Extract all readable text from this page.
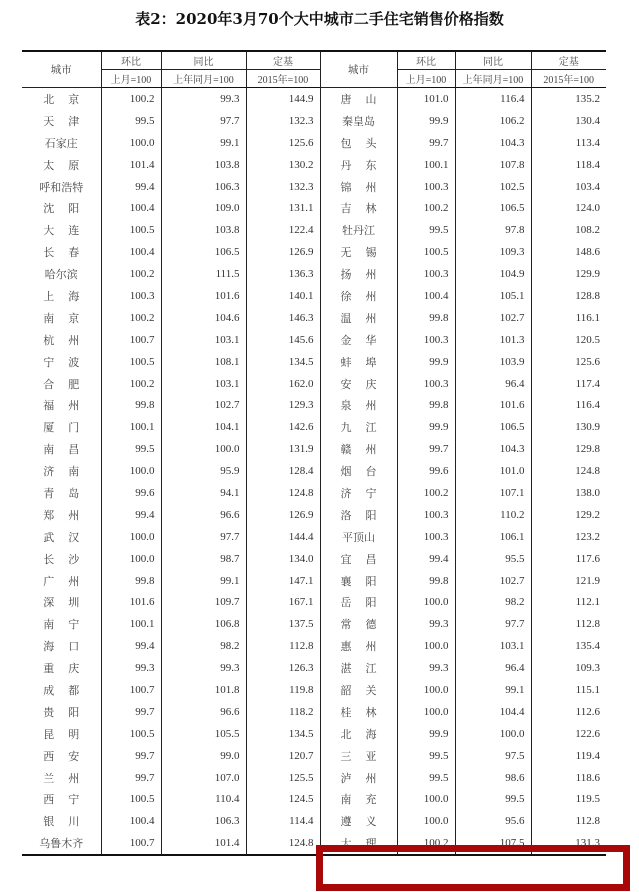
表2：2020年3月70个大中城市二手住宅销售价格指数
城市	环比	同比	定基	城市	环比	同比	定基
	上月=100	上年同月=100	2015年=100		上月=100	上年同月=100	2015年=100
北 京	100.2	99.3	144.9	唐 山	101.0	116.4	135.2
天 津	99.5	97.7	132.3	秦皇岛	99.9	106.2	130.4
石家庄	100.0	99.1	125.6	包 头	99.7	104.3	113.4
太 原	101.4	103.8	130.2	丹 东	100.1	107.8	118.4
呼和浩特	99.4	106.3	132.3	锦 州	100.3	102.5	103.4
沈 阳	100.4	109.0	131.1	吉 林	100.2	106.5	124.0
大 连	100.5	103.8	122.4	牡丹江	99.5	97.8	108.2
长 春	100.4	106.5	126.9	无 锡	100.5	109.3	148.6
哈尔滨	100.2	111.5	136.3	扬 州	100.3	104.9	129.9
上 海	100.3	101.6	140.1	徐 州	100.4	105.1	128.8
南 京	100.2	104.6	146.3	温 州	99.8	102.7	116.1
杭 州	100.7	103.1	145.6	金 华	100.3	101.3	120.5
宁 波	100.5	108.1	134.5	蚌 埠	99.9	103.9	125.6
合 肥	100.2	103.1	162.0	安 庆	100.3	96.4	117.4
福 州	99.8	102.7	129.3	泉 州	99.8	101.6	116.4
厦 门	100.1	104.1	142.6	九 江	99.9	106.5	130.9
南 昌	99.5	100.0	131.9	赣 州	99.7	104.3	129.8
济 南	100.0	95.9	128.4	烟 台	99.6	101.0	124.8
青 岛	99.6	94.1	124.8	济 宁	100.2	107.1	138.0
郑 州	99.4	96.6	126.9	洛 阳	100.3	110.2	129.2
武 汉	100.0	97.7	144.4	平顶山	100.3	106.1	123.2
长 沙	100.0	98.7	134.0	宜 昌	99.4	95.5	117.6
广 州	99.8	99.1	147.1	襄 阳	99.8	102.7	121.9
深 圳	101.6	109.7	167.1	岳 阳	100.0	98.2	112.1
南 宁	100.1	106.8	137.5	常 德	99.3	97.7	112.8
海 口	99.4	98.2	112.8	惠 州	100.0	103.1	135.4
重 庆	99.3	99.3	126.3	湛 江	99.3	96.4	109.3
成 都	100.7	101.8	119.8	韶 关	100.0	99.1	115.1
贵 阳	99.7	96.6	118.2	桂 林	100.0	104.4	112.6
昆 明	100.5	105.5	134.5	北 海	99.9	100.0	122.6
西 安	99.7	99.0	120.7	三 亚	99.5	97.5	119.4
兰 州	99.7	107.0	125.5	泸 州	99.5	98.6	118.6
西 宁	100.5	110.4	124.5	南 充	100.0	99.5	119.5
银 川	100.4	106.3	114.4	遵 义	100.0	95.6	112.8
乌鲁木齐	100.7	101.4	124.8	大 理	100.2	107.5	131.3
